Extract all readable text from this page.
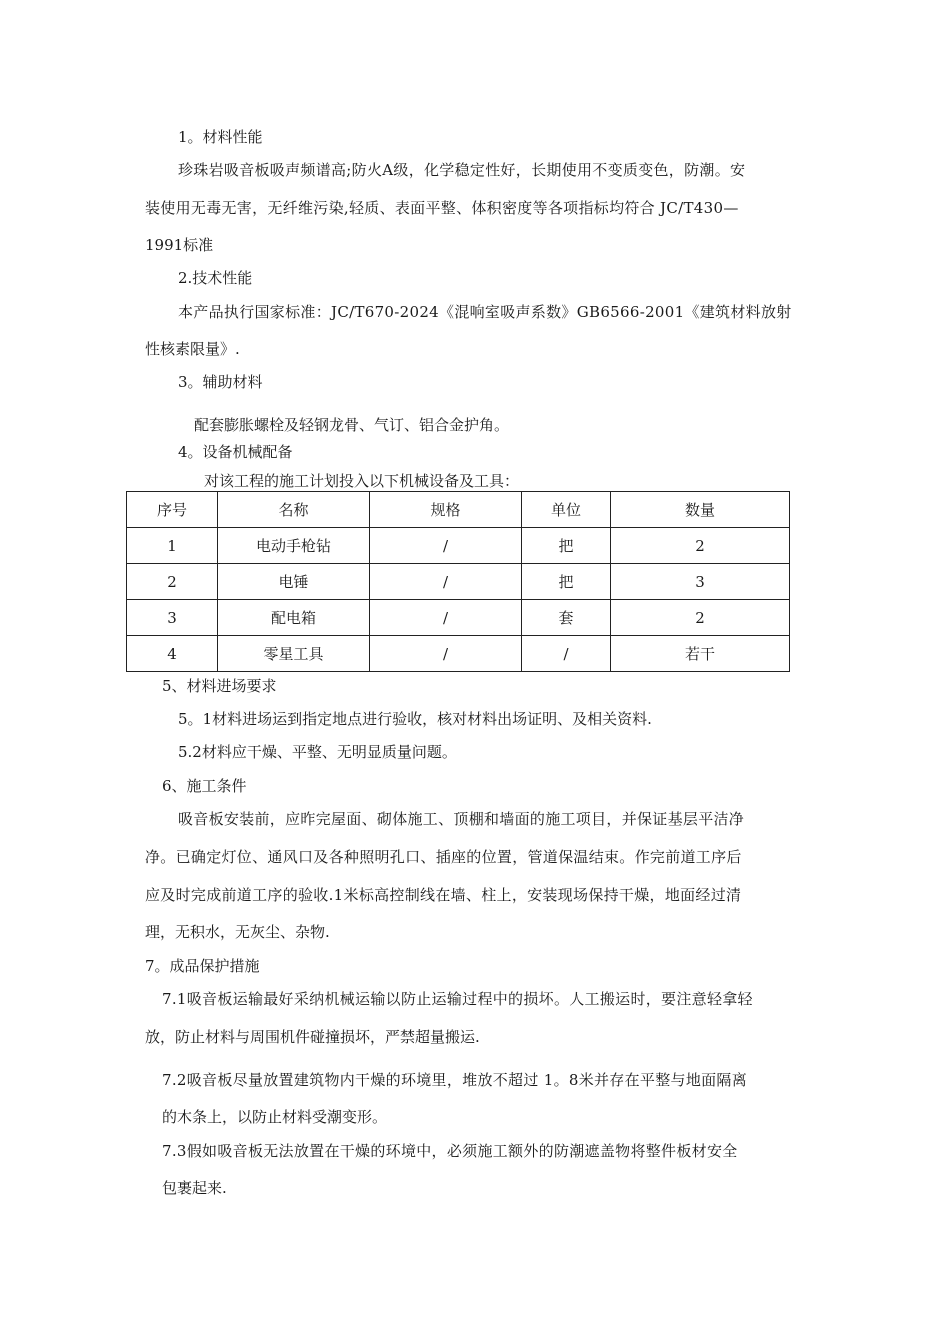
1。材料性能
珍珠岩吸音板吸声频谱高;防火A级，化学稳定性好，长期使用不变质变色，防潮。安
装使用无毒无害，无纤维污染,轻质、表面平整、体积密度等各项指标均符合 JC/T430—
1991标准
2.技术性能
本产品执行国家标准：JC/T670-2024《混响室吸声系数》GB6566-2001《建筑材料放射
性核素限量》.
3。辅助材料
配套膨胀螺栓及轻钢龙骨、气订、铝合金护角。
4。设备机械配备
对该工程的施工计划投入以下机械设备及工具：
序号	名称	规格	单位	数量
1	电动手枪钻	/	把	2
2	电锤	/	把	3
3	配电箱	/	套	2
4	零星工具	/	/	若干
5、材料进场要求
5。1材料进场运到指定地点进行验收，核对材料出场证明、及相关资料.
5.2材料应干燥、平整、无明显质量问题。
6、施工条件
吸音板安装前，应昨完屋面、砌体施工、顶棚和墙面的施工项目，并保证基层平洁净
净。已确定灯位、通风口及各种照明孔口、插座的位置，管道保温结束。作完前道工序后
应及时完成前道工序的验收.1米标高控制线在墙、柱上，安装现场保持干燥，地面经过清
理，无积水，无灰尘、杂物.
7。成品保护措施
7.1吸音板运输最好采纳机械运输以防止运输过程中的损坏。人工搬运时，要注意轻拿轻
放，防止材料与周围机件碰撞损坏，严禁超量搬运.
7.2吸音板尽量放置建筑物内干燥的环境里，堆放不超过 1。8米并存在平整与地面隔离
的木条上，以防止材料受潮变形。
7.3假如吸音板无法放置在干燥的环境中，必须施工额外的防潮遮盖物将整件板材安全
包裹起来.
